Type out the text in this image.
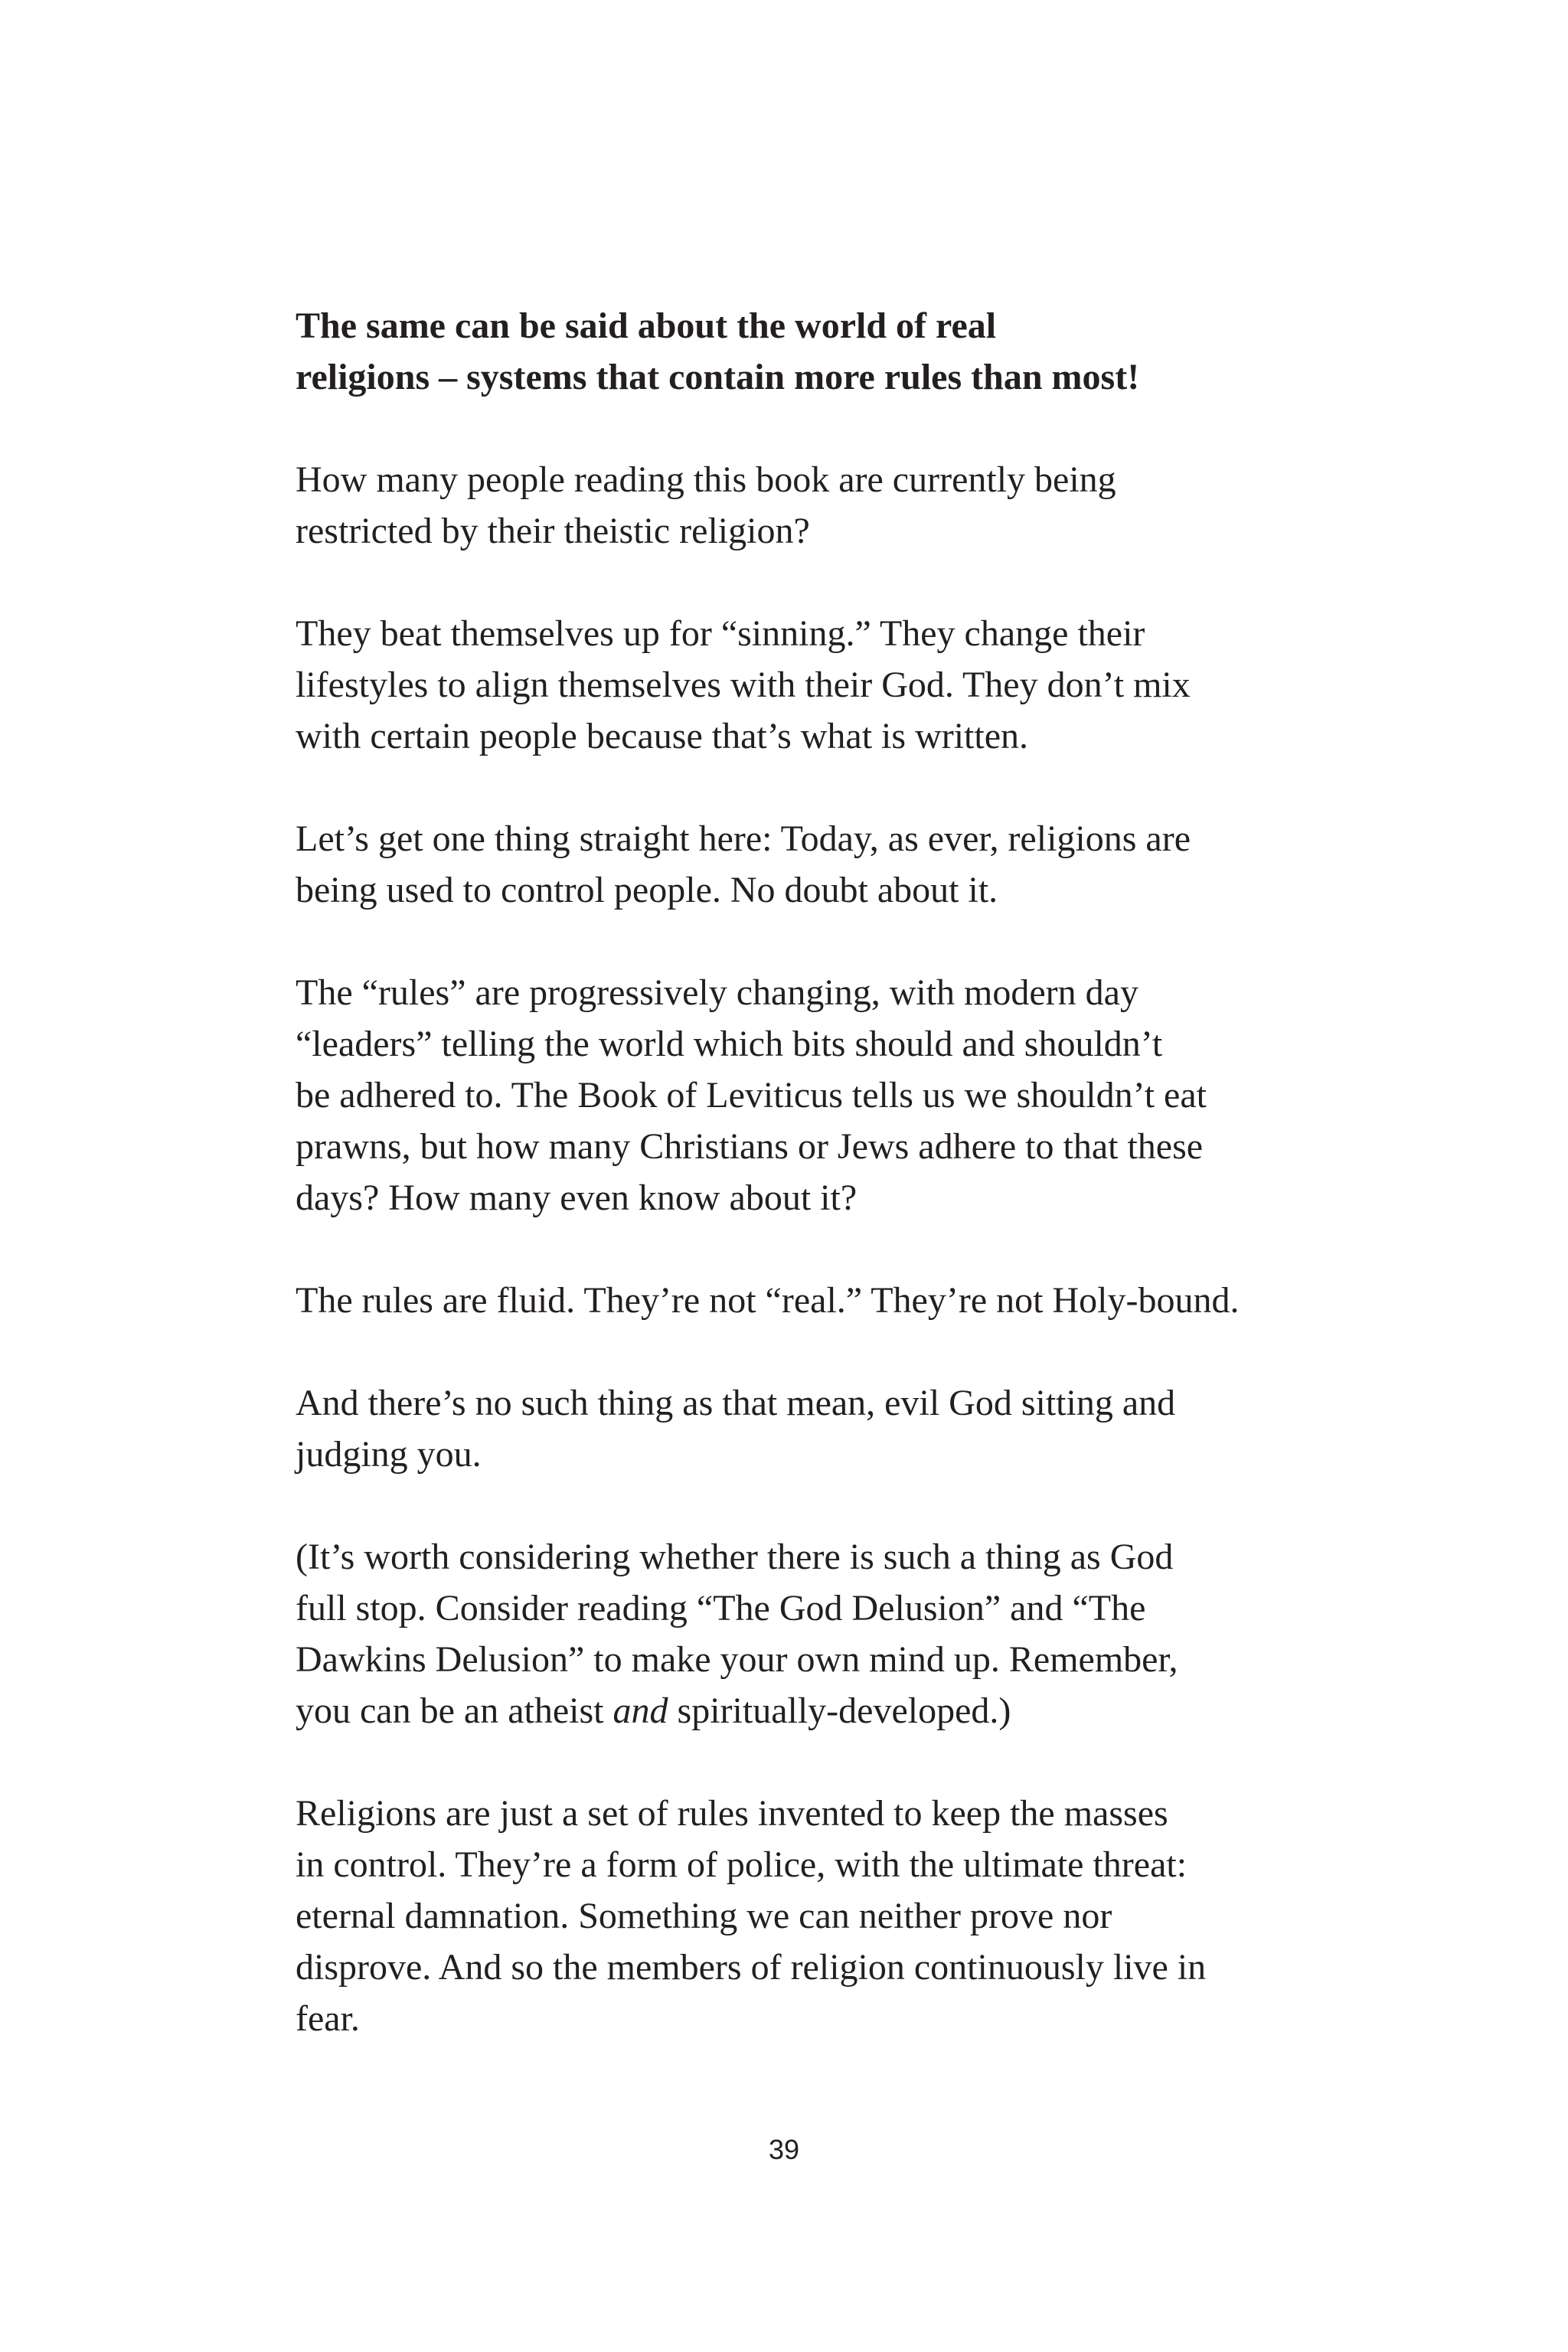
The same can be said about the world of real
religions – systems that contain more rules than most!

How many people reading this book are currently being
restricted by their theistic religion?

They beat themselves up for “sinning.” They change their
lifestyles to align themselves with their God. They don’t mix
with certain people because that’s what is written.

Let’s get one thing straight here: Today, as ever, religions are
being used to control people. No doubt about it.

The “rules” are progressively changing, with modern day
“leaders” telling the world which bits should and shouldn’t
be adhered to. The Book of Leviticus tells us we shouldn’t eat
prawns, but how many Christians or Jews adhere to that these
days? How many even know about it?

The rules are fluid. They’re not “real.” They’re not Holy-bound.

And there’s no such thing as that mean, evil God sitting and
judging you.

(It’s worth considering whether there is such a thing as God
full stop. Consider reading “The God Delusion” and “The
Dawkins Delusion” to make your own mind up. Remember,
you can be an atheist and spiritually-developed.)

Religions are just a set of rules invented to keep the masses
in control. They’re a form of police, with the ultimate threat:
eternal damnation. Something we can neither prove nor
disprove. And so the members of religion continuously live in
fear.

39
